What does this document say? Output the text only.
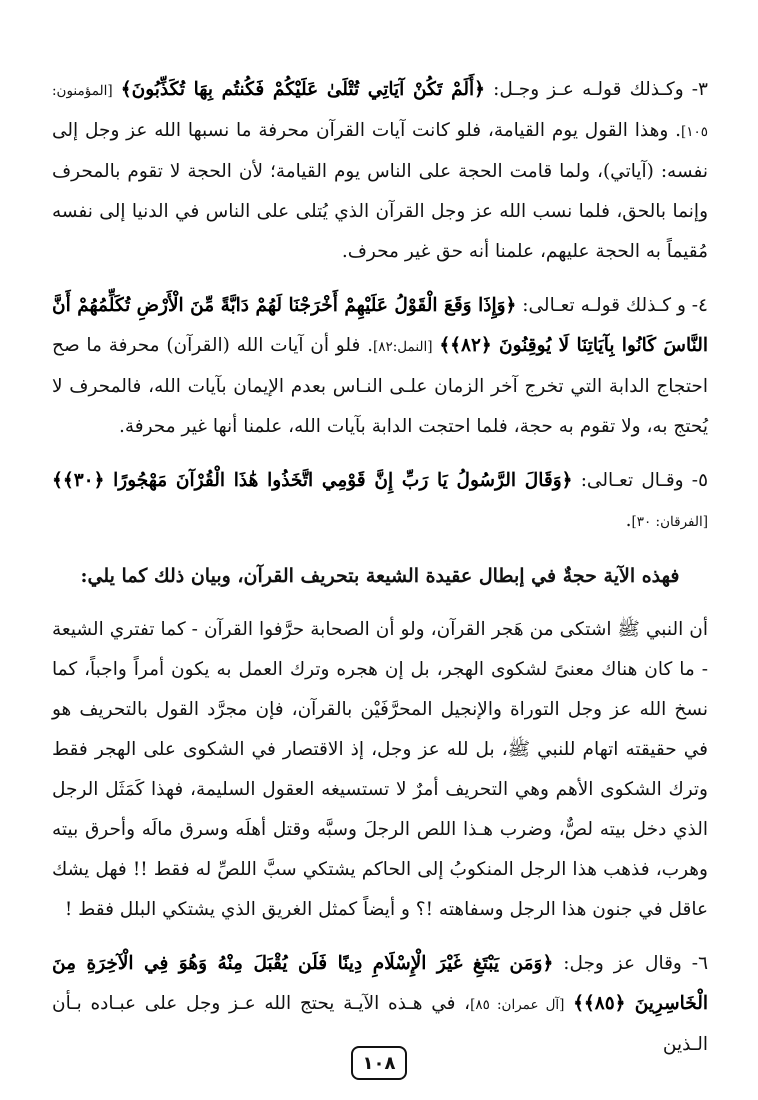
٣- وكـذلك قولـه عـز وجـل: ﴿أَلَمْ تَكُنْ آيَاتِي تُتْلَىٰ عَلَيْكُمْ فَكُنتُم بِهَا تُكَذِّبُونَ﴾ [المؤمنون: ١٠٥]. وهذا القول يوم القيامة، فلو كانت آيات القرآن محرفة ما نسبها الله عز وجل إلى نفسه: (آياتي)، ولما قامت الحجة على الناس يوم القيامة؛ لأن الحجة لا تقوم بالمحرف وإنما بالحق، فلما نسب الله عز وجل القرآن الذي يُتلى على الناس في الدنيا إلى نفسه مُقيماً به الحجة عليهم، علمنا أنه حق غير محرف.

٤- و كـذلك قولـه تعـالى: ﴿وَإِذَا وَقَعَ الْقَوْلُ عَلَيْهِمْ أَخْرَجْنَا لَهُمْ دَابَّةً مِّنَ الْأَرْضِ تُكَلِّمُهُمْ أَنَّ النَّاسَ كَانُوا بِآيَاتِنَا لَا يُوقِنُونَ ﴿٨٢﴾﴾ [النمل:٨٢]. فلو أن آيات الله (القرآن) محرفة ما صح احتجاج الدابة التي تخرج آخر الزمان علـى النـاس بعدم الإيمان بآيات الله، فالمحرف لا يُحتج به، ولا تقوم به حجة، فلما احتجت الدابة بآيات الله، علمنا أنها غير محرفة.

٥- وقـال تعـالى: ﴿وَقَالَ الرَّسُولُ يَا رَبِّ إِنَّ قَوْمِي اتَّخَذُوا هَٰذَا الْقُرْآنَ مَهْجُورًا ﴿٣٠﴾﴾ [الفرقان: ٣٠].

فهذه الآية حجةٌ في إبطال عقيدة الشيعة بتحريف القرآن، وبيان ذلك كما يلي:

أن النبي ﷺ اشتكى من هَجر القرآن، ولو أن الصحابة حرَّفوا القرآن - كما تفتري الشيعة - ما كان هناك معنىً لشكوى الهجر، بل إن هجره وترك العمل به يكون أمراً واجباً، كما نسخ الله عز وجل التوراة والإنجيل المحرَّفَيْن بالقرآن، فإن مجرَّد القول بالتحريف هو في حقيقته اتهام للنبي ﷺ، بل لله عز وجل، إذ الاقتصار في الشكوى على الهجر فقط وترك الشكوى الأهم وهي التحريف أمرٌ لا تستسيغه العقول السليمة، فهذا كَمَثَل الرجل الذي دخل بيته لصٌّ، وضرب هـذا اللص الرجلَ وسبَّه وقتل أهلَه وسرق مالَه وأحرق بيته وهرب، فذهب هذا الرجل المنكوبُ إلى الحاكم يشتكي سبَّ اللصِّ له فقط !! فهل يشك عاقل في جنون هذا الرجل وسفاهته !؟ و أيضاً كمثل الغريق الذي يشتكي البلل فقط !

٦- وقال عز وجل: ﴿وَمَن يَبْتَغِ غَيْرَ الْإِسْلَامِ دِينًا فَلَن يُقْبَلَ مِنْهُ وَهُوَ فِي الْآخِرَةِ مِنَ الْخَاسِرِينَ ﴿٨٥﴾﴾ [آل عمران: ٨٥]، في هـذه الآيـة يحتج الله عـز وجل على عبـاده بـأن الـذين

١٠٨
